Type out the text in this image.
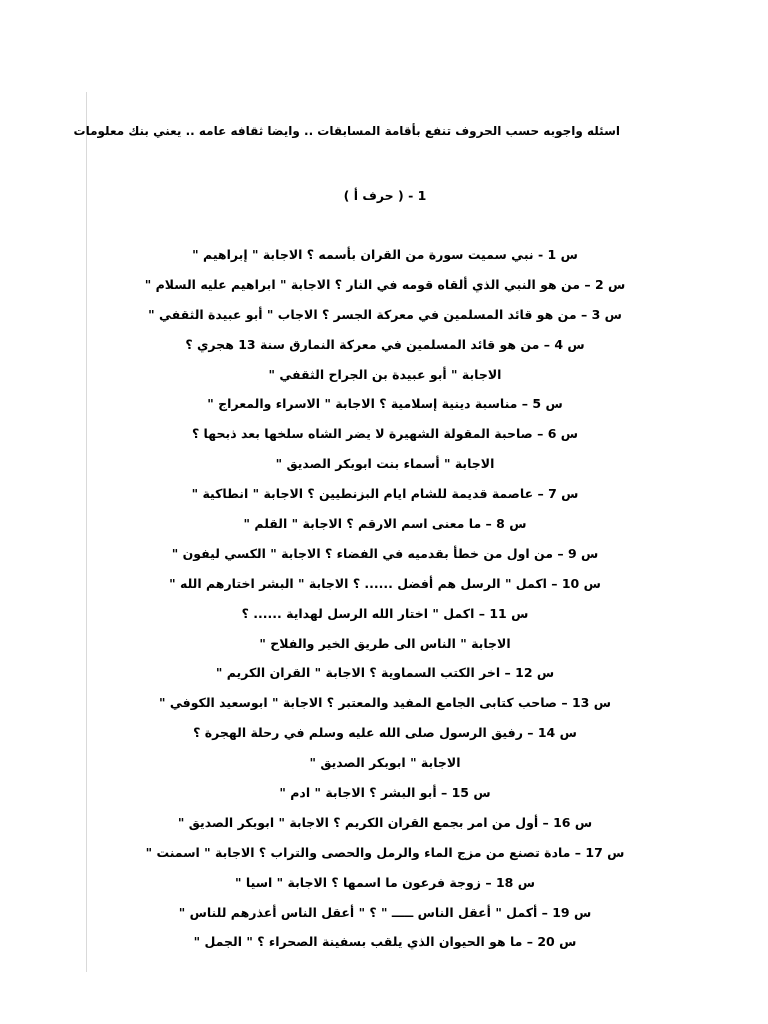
اسئله واجوبه حسب الحروف تنفع بأقامة المسابقات .. وايضا ثقافه عامه .. يعني بنك معلومات
1 - ( حرف أ )
س 1 - نبي سميت سورة من القران بأسمه ؟ الاجابة " إبراهيم "
س 2 – من هو النبي الذي ألقاه قومه في النار ؟ الاجابة " ابراهيم عليه السلام "
س 3 – من هو قائد المسلمين في معركة الجسر ؟ الاجاب " أبو عبيدة الثقفي "
س 4 – من هو قائد المسلمين في معركة النمارق سنة 13 هجري ؟
الاجابة " أبو عبيدة بن الجراح الثقفي "
س 5 – مناسبة دينية إسلامية ؟ الاجابة " الاسراء والمعراج "
س 6 – صاحبة المقولة الشهيرة لا يضر الشاه سلخها بعد ذبحها ؟
الاجابة " أسماء بنت ابوبكر الصديق "
س 7 – عاصمة قديمة للشام ايام البزنطيين ؟ الاجابة " انطاكية "
س 8 – ما معنى اسم الارقم ؟ الاجابة " القلم "
س 9 – من اول من خطأ بقدميه في الفضاء ؟ الاجابة " الكسي ليفون "
س 10 – اكمل " الرسل هم أفضل ...... ؟ الاجابة " البشر اختارهم الله "
س 11 – اكمل " اختار الله الرسل لهداية ...... ؟
الاجابة " الناس الى طريق الخير والفلاح "
س 12 – اخر الكتب السماوية ؟ الاجابة " القران الكريم "
س 13 – صاحب كتابى الجامع المفيد والمعتبر ؟ الاجابة " ابوسعيد الكوفي "
س 14 – رفيق الرسول صلى الله عليه وسلم في رحلة الهجرة ؟
الاجابة " ابوبكر الصديق "
س 15 – أبو البشر ؟ الاجابة " ادم "
س 16 – أول من امر بجمع القران الكريم ؟ الاجابة " ابوبكر الصديق "
س 17 – مادة تصنع من مزج الماء والرمل والحصى والتراب ؟ الاجابة " اسمنت "
س 18 – زوجة فرعون ما اسمها ؟ الاجابة " اسيا "
س 19 – أكمل " أعقل الناس ـــــ " ؟ " أعقل الناس أعذرهم للناس "
س 20 – ما هو الحيوان الذي يلقب بسفينة الصحراء ؟ " الجمل "
